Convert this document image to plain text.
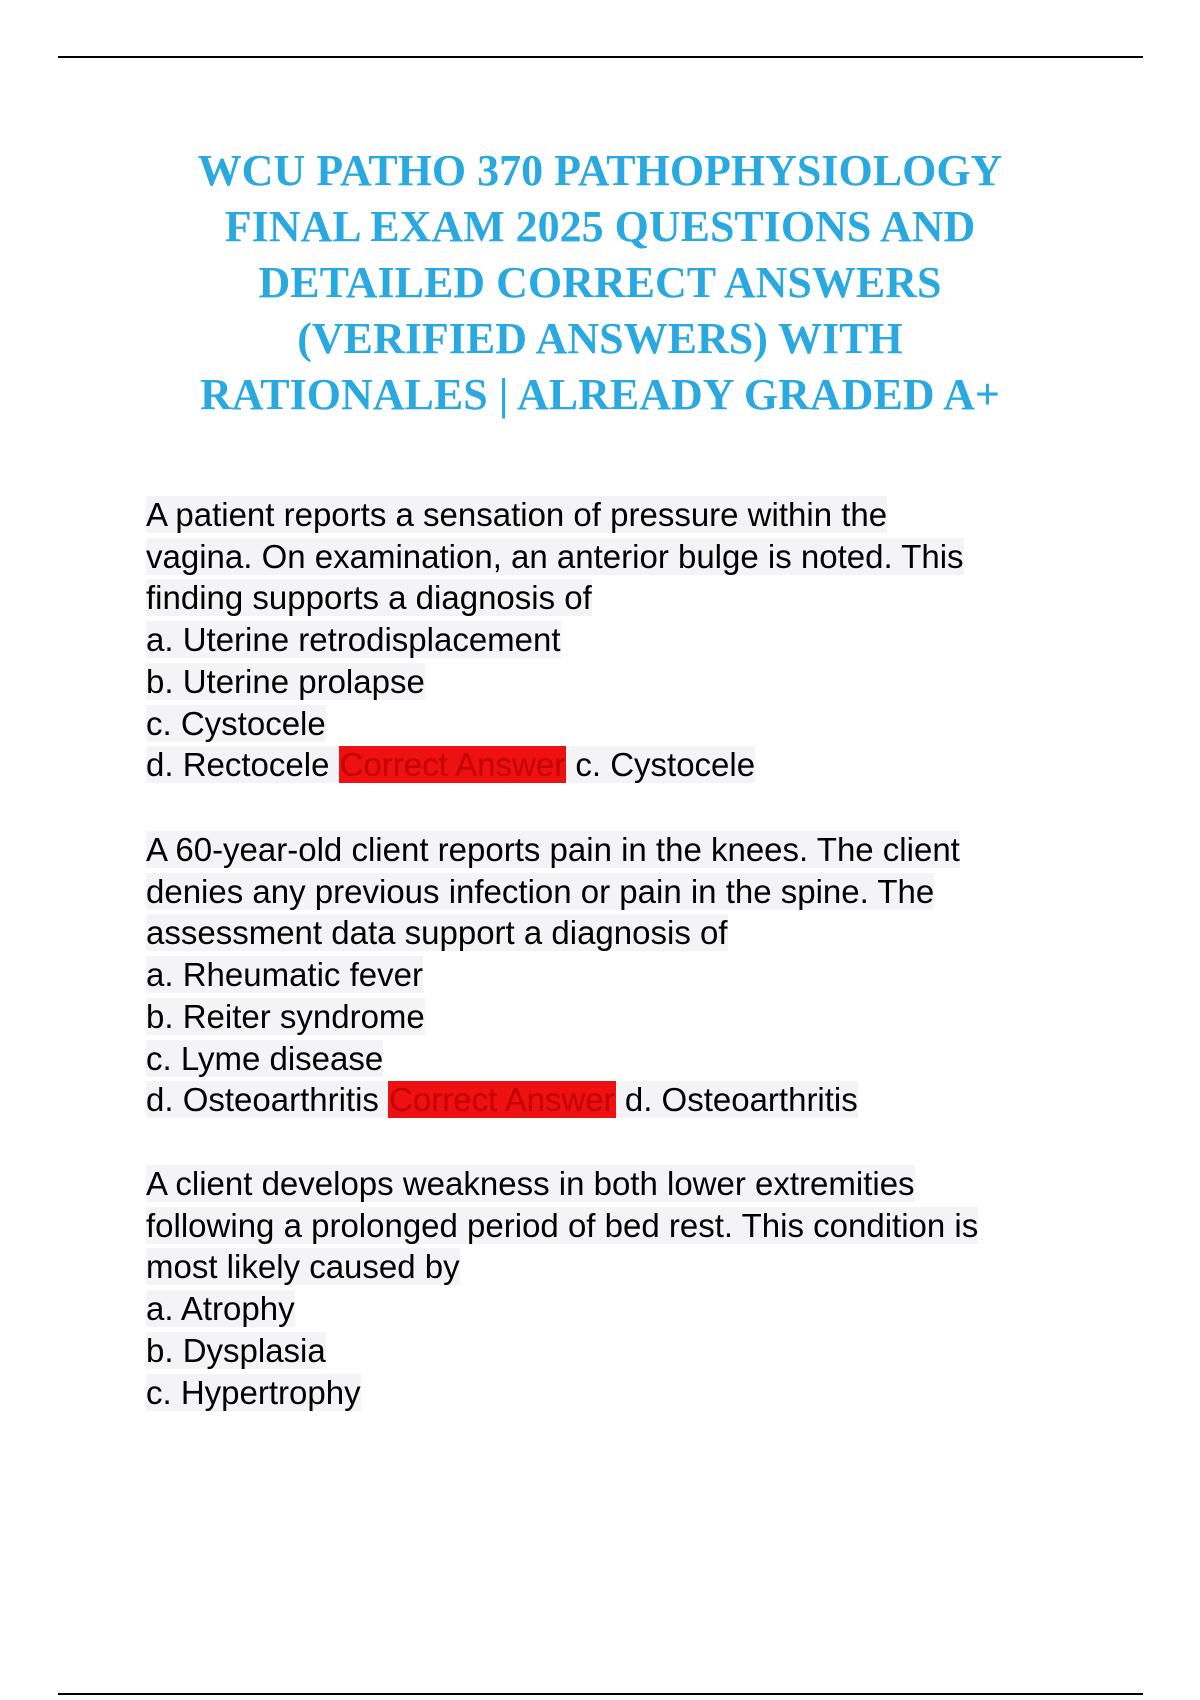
WCU PATHO 370 PATHOPHYSIOLOGY
FINAL EXAM 2025 QUESTIONS AND
DETAILED CORRECT ANSWERS
(VERIFIED ANSWERS) WITH
RATIONALES | ALREADY GRADED A+
A patient reports a sensation of pressure within the
vagina. On examination, an anterior bulge is noted. This
finding supports a diagnosis of
a. Uterine retrodisplacement
b. Uterine prolapse
c. Cystocele
d. Rectocele Correct Answer c. Cystocele
A 60-year-old client reports pain in the knees. The client
denies any previous infection or pain in the spine. The
assessment data support a diagnosis of
a. Rheumatic fever
b. Reiter syndrome
c. Lyme disease
d. Osteoarthritis Correct Answer d. Osteoarthritis
A client develops weakness in both lower extremities
following a prolonged period of bed rest. This condition is
most likely caused by
a. Atrophy
b. Dysplasia
c. Hypertrophy
